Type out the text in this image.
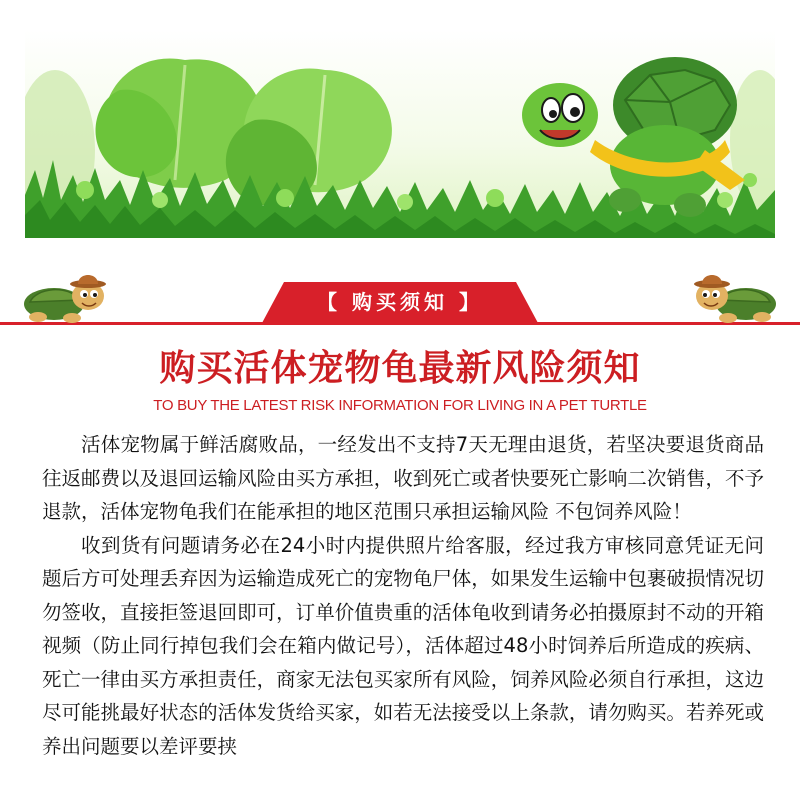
【 购买须知 】
购买活体宠物龟最新风险须知
TO BUY THE LATEST RISK INFORMATION FOR LIVING IN A PET TURTLE

活体宠物属于鲜活腐败品，一经发出不支持7天无理由退货，若坚决要退货商品往返邮费以及退回运输风险由买方承担，收到死亡或者快要死亡影响二次销售，不予退款，活体宠物龟我们在能承担的地区范围只承担运输风险 不包饲养风险！

收到货有问题请务必在24小时内提供照片给客服，经过我方审核同意凭证无问题后方可处理丢弃因为运输造成死亡的宠物龟尸体，如果发生运输中包裹破损情况切勿签收，直接拒签退回即可，订单价值贵重的活体龟收到请务必拍摄原封不动的开箱视频（防止同行掉包我们会在箱内做记号），活体超过48小时饲养后所造成的疾病、死亡一律由买方承担责任，商家无法包买家所有风险，饲养风险必须自行承担，这边尽可能挑最好状态的活体发货给买家，如若无法接受以上条款，请勿购买。若养死或养出问题要以差评要挟
